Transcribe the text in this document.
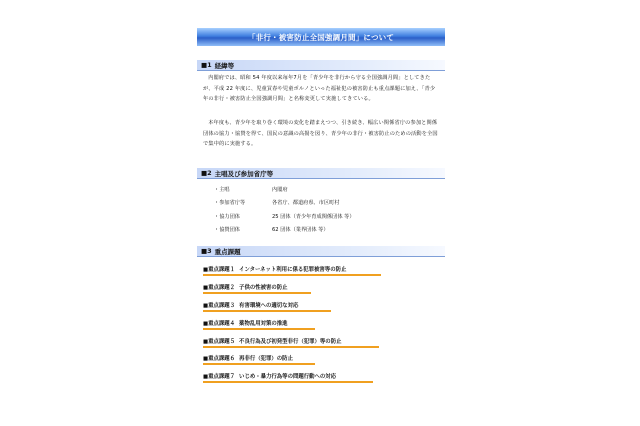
「非行・被害防止全国強調月間」について
■1 経緯等
内閣府では、昭和 54 年度以来毎年7月を「青少年を非行から守る全国強調月間」としてきたが、平成 22 年度に、児童買春や児童ポルノといった福祉犯の被害防止も重点課題に加え、「青少年の非行・被害防止全国強調月間」と名称変更して実施してきている。
本年度も、青少年を取り巻く環境の変化を踏まえつつ、引き続き、幅広い関係省庁の参加と関係団体の協力・協賛を得て、国民の意識の高揚を図り、青少年の非行・被害防止のための活動を全国で集中的に実施する。
■2 主唱及び参加省庁等
・主唱	内閣府
・参加省庁等	各省庁、都道府県、市区町村
・協力団体	25 団体（青少年育成関係団体 等）
・協賛団体	62 団体（業界団体 等）
■3 重点課題
■重点課題１ インターネット利用に係る犯罪被害等の防止
■重点課題２ 子供の性被害の防止
■重点課題３ 有害環境への適切な対応
■重点課題４ 薬物乱用対策の推進
■重点課題５ 不良行為及び初発型非行（犯罪）等の防止
■重点課題６ 再非行（犯罪）の防止
■重点課題７ いじめ・暴力行為等の問題行動への対応
